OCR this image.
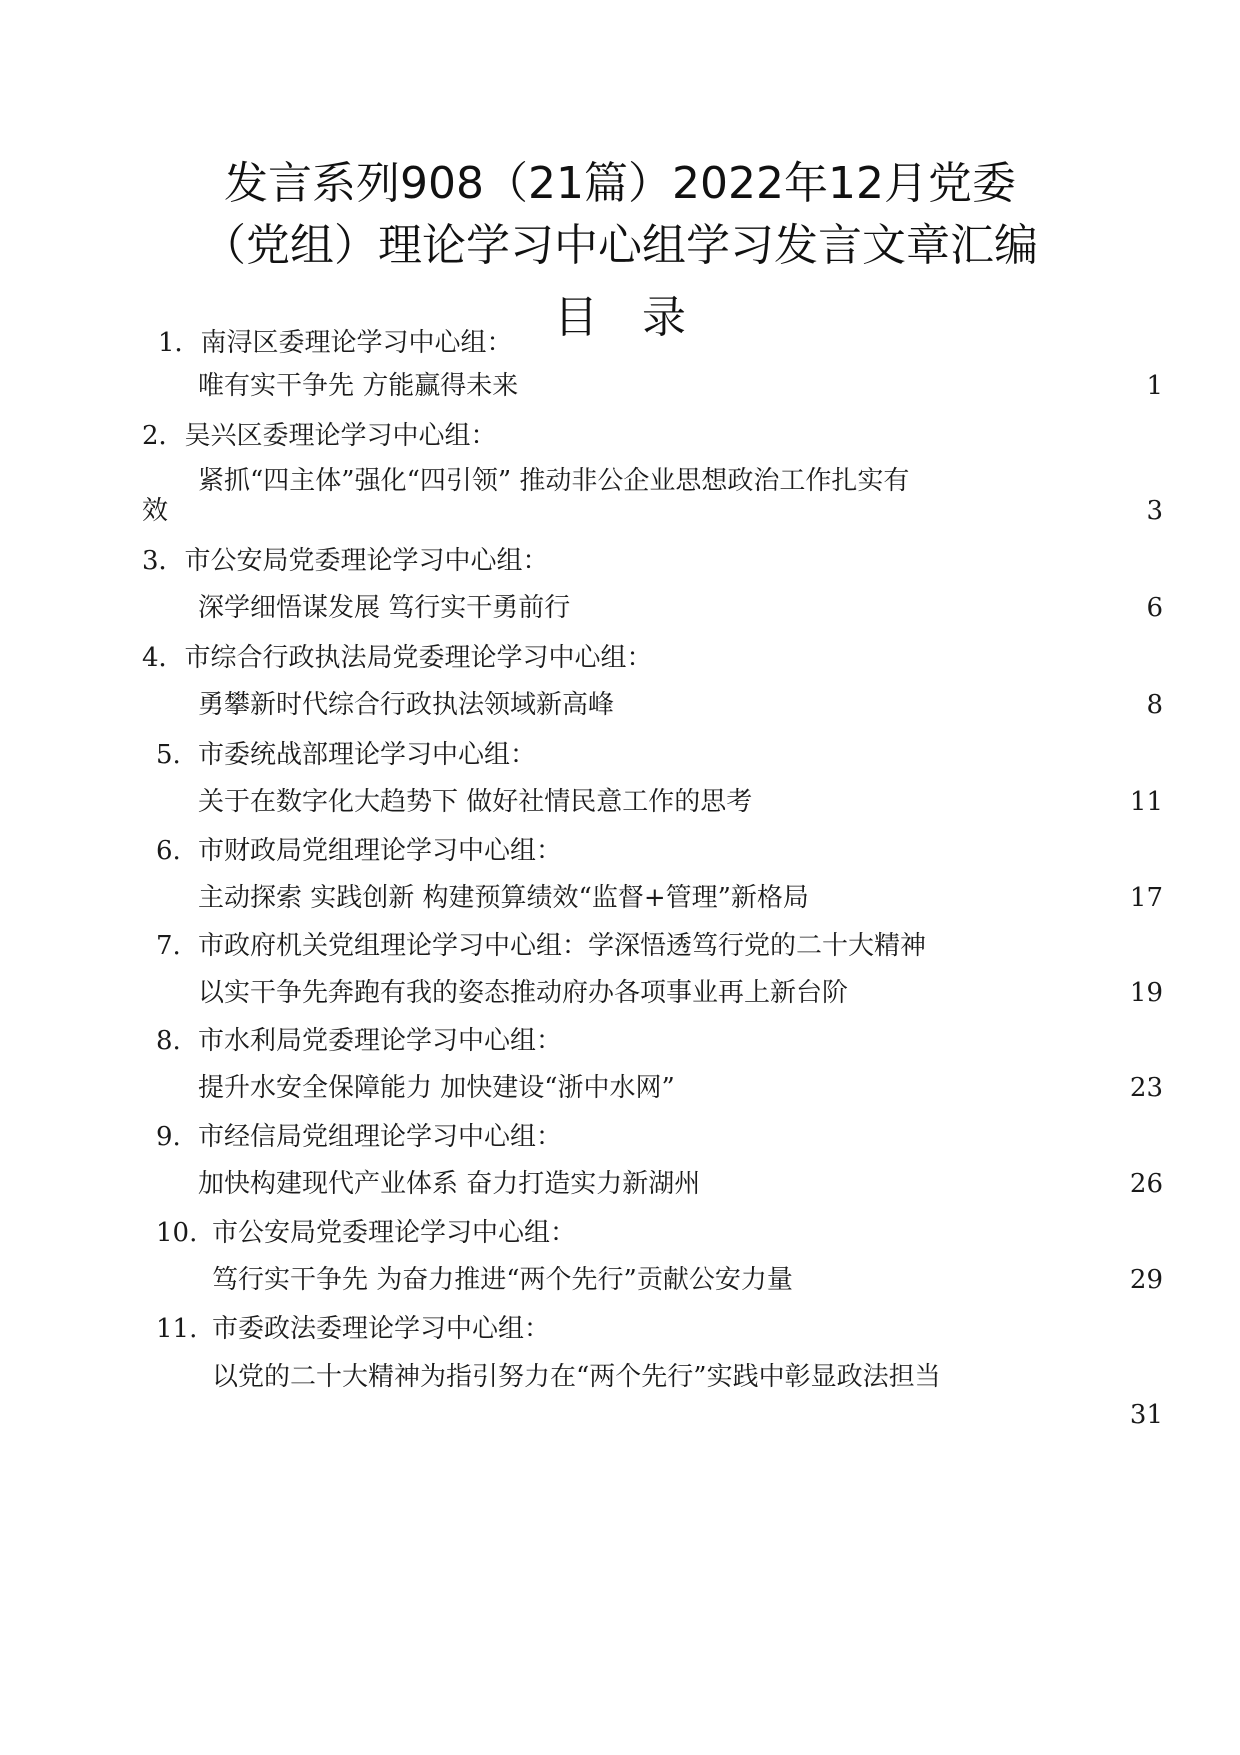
发言系列908（21篇）2022年12月党委
（党组）理论学习中心组学习发言文章汇编
目录
1．南浔区委理论学习中心组：
唯有实干争先 方能赢得未来	1
2．吴兴区委理论学习中心组：
紧抓“四主体”强化“四引领” 推动非公企业思想政治工作扎实有
效	3
3．市公安局党委理论学习中心组：
深学细悟谋发展 笃行实干勇前行	6
4．市综合行政执法局党委理论学习中心组：
勇攀新时代综合行政执法领域新高峰	8
5. 市委统战部理论学习中心组：
关于在数字化大趋势下 做好社情民意工作的思考	11
6. 市财政局党组理论学习中心组：
主动探索 实践创新 构建预算绩效“监督+管理”新格局	17
7. 市政府机关党组理论学习中心组：学深悟透笃行党的二十大精神
以实干争先奔跑有我的姿态推动府办各项事业再上新台阶	19
8. 市水利局党委理论学习中心组：
提升水安全保障能力 加快建设“浙中水网”	23
9. 市经信局党组理论学习中心组：
加快构建现代产业体系 奋力打造实力新湖州	26
10. 市公安局党委理论学习中心组：
笃行实干争先 为奋力推进“两个先行”贡献公安力量	29
11. 市委政法委理论学习中心组：
以党的二十大精神为指引努力在“两个先行”实践中彰显政法担当
31
